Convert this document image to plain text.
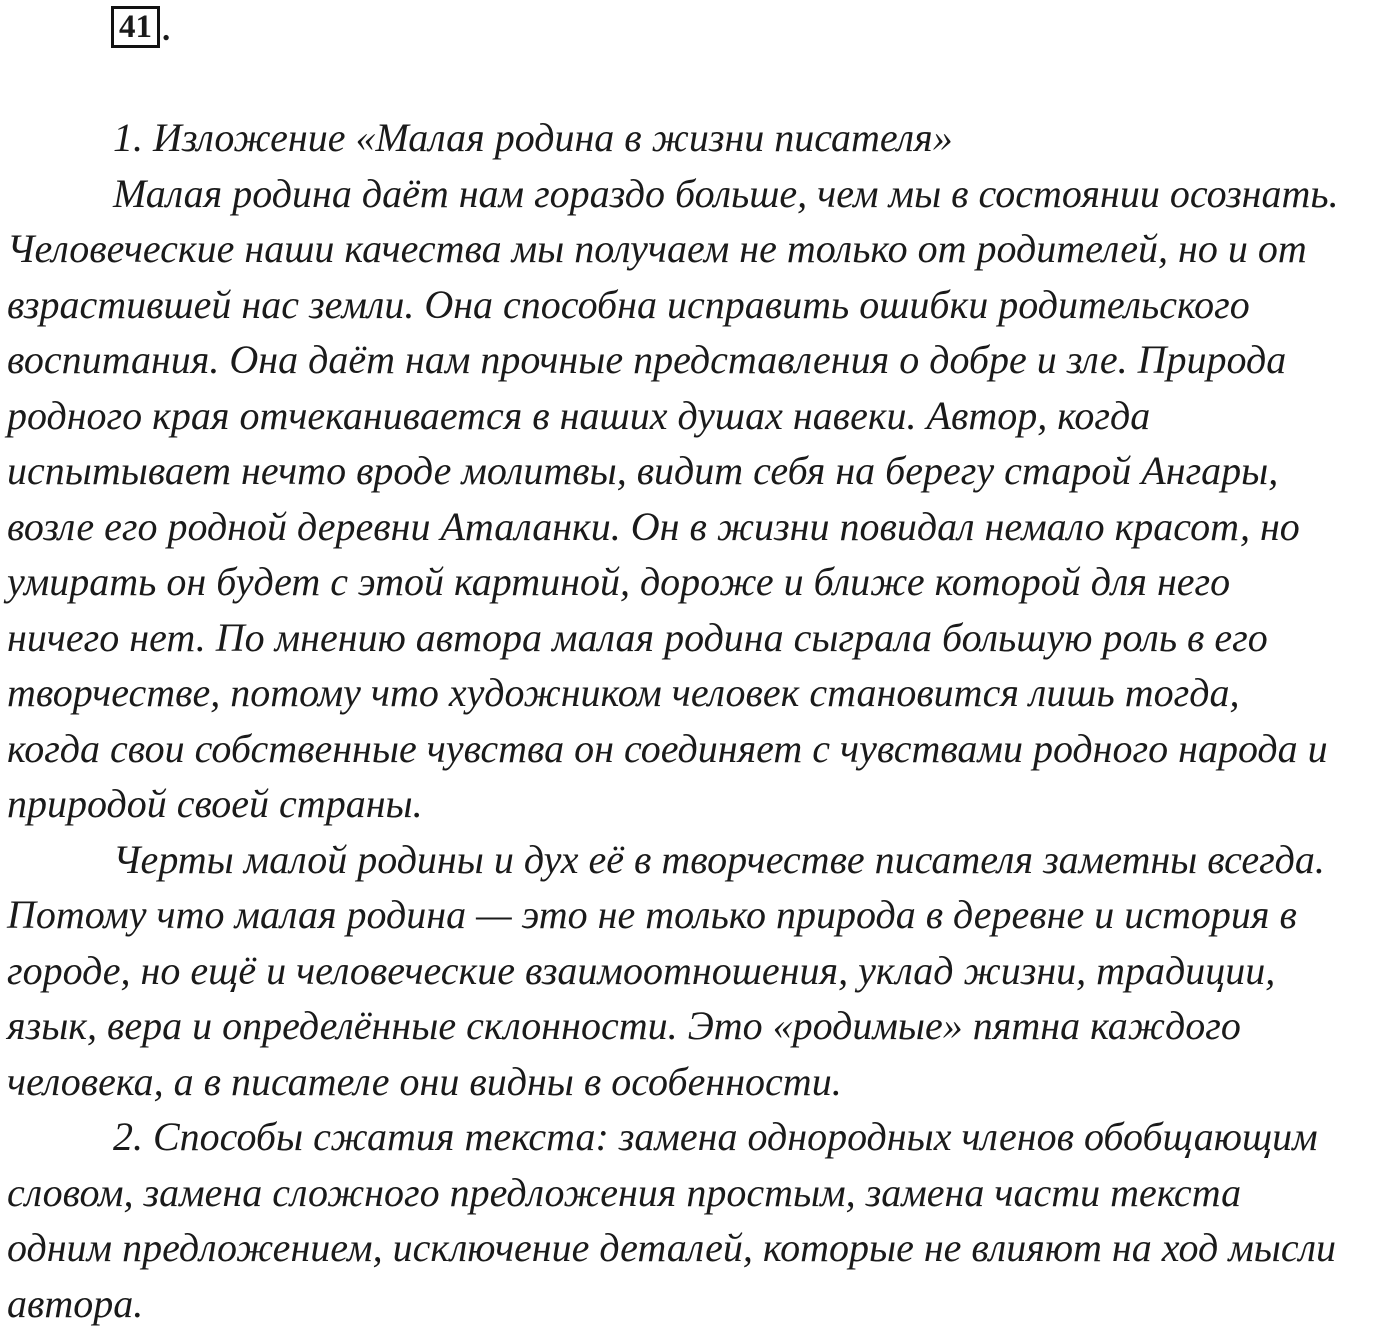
41 .
1. Изложение «Малая родина в жизни писателя»
Малая родина даёт нам гораздо больше, чем мы в состоянии осознать.
Человеческие наши качества мы получаем не только от родителей, но и от
взрастившей нас земли. Она способна исправить ошибки родительского
воспитания. Она даёт нам прочные представления о добре и зле. Природа
родного края отчеканивается в наших душах навеки. Автор, когда
испытывает нечто вроде молитвы, видит себя на берегу старой Ангары,
возле его родной деревни Аталанки. Он в жизни повидал немало красот, но
умирать он будет с этой картиной, дороже и ближе которой для него
ничего нет. По мнению автора малая родина сыграла большую роль в его
творчестве, потому что художником человек становится лишь тогда,
когда свои собственные чувства он соединяет с чувствами родного народа и
природой своей страны.
Черты малой родины и дух её в творчестве писателя заметны всегда.
Потому что малая родина — это не только природа в деревне и история в
городе, но ещё и человеческие взаимоотношения, уклад жизни, традиции,
язык, вера и определённые склонности. Это «родимые» пятна каждого
человека, а в писателе они видны в особенности.
2. Способы сжатия текста: замена однородных членов обобщающим
словом, замена сложного предложения простым, замена части текста
одним предложением, исключение деталей, которые не влияют на ход мысли
автора.
